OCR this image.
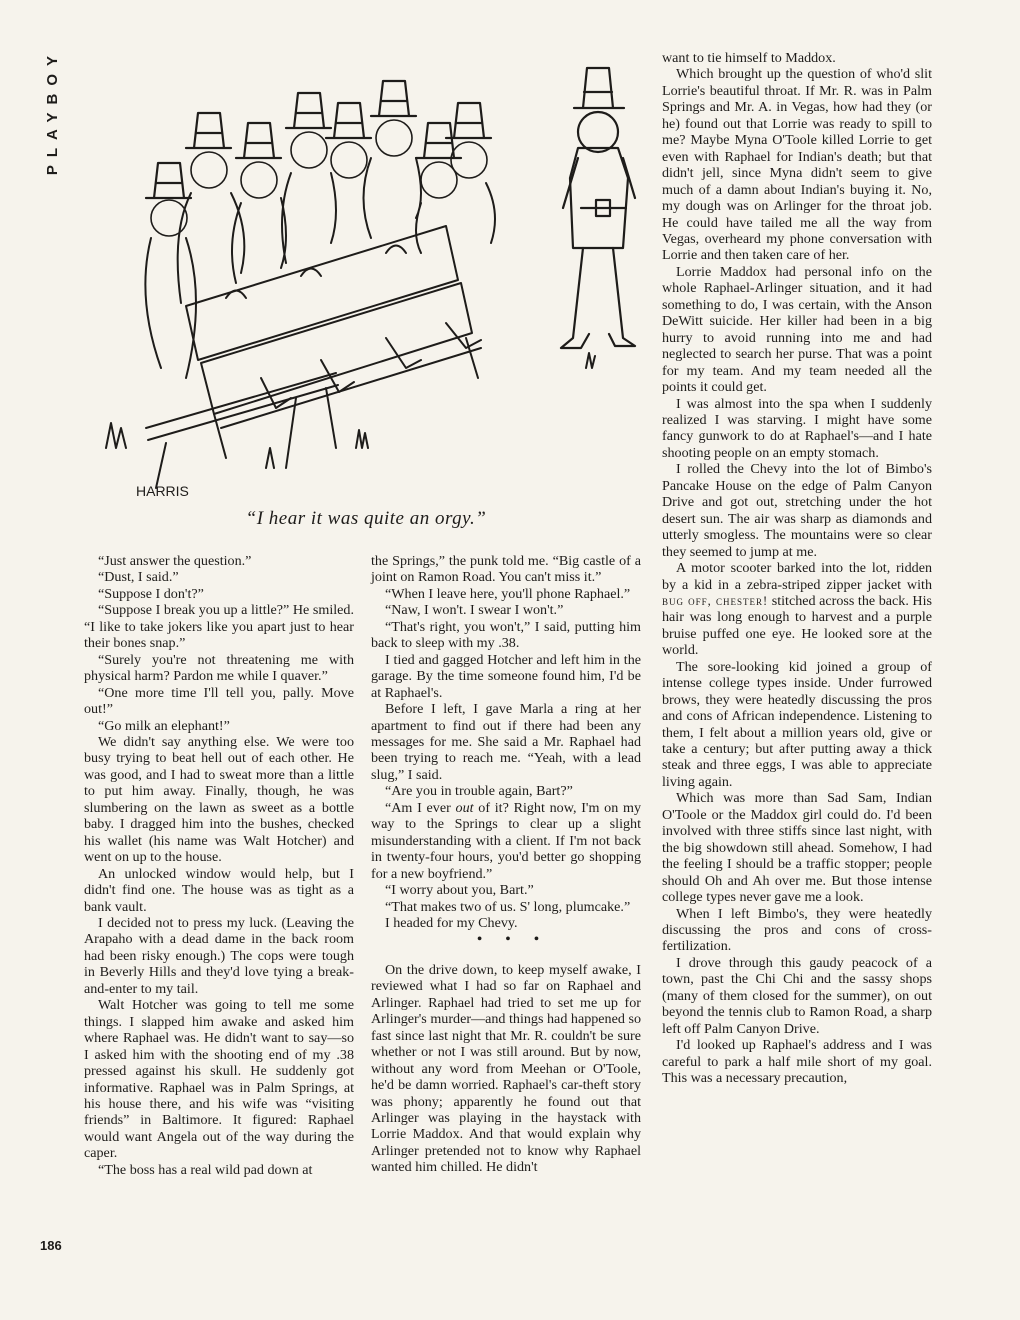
PLAYBOY
HARRIS
“I hear it was quite an orgy.”

“Just answer the question.”

“Dust, I said.”

“Suppose I don't?”

“Suppose I break you up a little?” He smiled. “I like to take jokers like you apart just to hear their bones snap.”

“Surely you're not threatening me with physical harm? Pardon me while I quaver.”

“One more time I'll tell you, pally. Move out!”

“Go milk an elephant!”

We didn't say anything else. We were too busy trying to beat hell out of each other. He was good, and I had to sweat more than a little to put him away. Finally, though, he was slumbering on the lawn as sweet as a bottle baby. I dragged him into the bushes, checked his wallet (his name was Walt Hotcher) and went on up to the house.

An unlocked window would help, but I didn't find one. The house was as tight as a bank vault.

I decided not to press my luck. (Leaving the Arapaho with a dead dame in the back room had been risky enough.) The cops were tough in Beverly Hills and they'd love tying a break-and-enter to my tail.

Walt Hotcher was going to tell me some things. I slapped him awake and asked him where Raphael was. He didn't want to say—so I asked him with the shooting end of my .38 pressed against his skull. He suddenly got informative. Raphael was in Palm Springs, at his house there, and his wife was “visiting friends” in Baltimore. It figured: Raphael would want Angela out of the way during the caper.

“The boss has a real wild pad down at

the Springs,” the punk told me. “Big castle of a joint on Ramon Road. You can't miss it.”

“When I leave here, you'll phone Raphael.”

“Naw, I won't. I swear I won't.”

“That's right, you won't,” I said, putting him back to sleep with my .38.

I tied and gagged Hotcher and left him in the garage. By the time someone found him, I'd be at Raphael's.

Before I left, I gave Marla a ring at her apartment to find out if there had been any messages for me. She said a Mr. Raphael had been trying to reach me. “Yeah, with a lead slug,” I said.

“Are you in trouble again, Bart?”

“Am I ever out of it? Right now, I'm on my way to the Springs to clear up a slight misunderstanding with a client. If I'm not back in twenty-four hours, you'd better go shopping for a new boyfriend.”

“I worry about you, Bart.”

“That makes two of us. S' long, plumcake.”

I headed for my Chevy.

• • •

On the drive down, to keep myself awake, I reviewed what I had so far on Raphael and Arlinger. Raphael had tried to set me up for Arlinger's murder—and things had happened so fast since last night that Mr. R. couldn't be sure whether or not I was still around. But by now, without any word from Meehan or O'Toole, he'd be damn worried. Raphael's car-theft story was phony; apparently he found out that Arlinger was playing in the haystack with Lorrie Maddox. And that would explain why Arlinger pretended not to know why Raphael wanted him chilled. He didn't

want to tie himself to Maddox.

Which brought up the question of who'd slit Lorrie's beautiful throat. If Mr. R. was in Palm Springs and Mr. A. in Vegas, how had they (or he) found out that Lorrie was ready to spill to me? Maybe Myna O'Toole killed Lorrie to get even with Raphael for Indian's death; but that didn't jell, since Myna didn't seem to give much of a damn about Indian's buying it. No, my dough was on Arlinger for the throat job. He could have tailed me all the way from Vegas, overheard my phone conversation with Lorrie and then taken care of her.

Lorrie Maddox had personal info on the whole Raphael-Arlinger situation, and it had something to do, I was certain, with the Anson DeWitt suicide. Her killer had been in a big hurry to avoid running into me and had neglected to search her purse. That was a point for my team. And my team needed all the points it could get.

I was almost into the spa when I suddenly realized I was starving. I might have some fancy gunwork to do at Raphael's—and I hate shooting people on an empty stomach.

I rolled the Chevy into the lot of Bimbo's Pancake House on the edge of Palm Canyon Drive and got out, stretching under the hot desert sun. The air was sharp as diamonds and utterly smogless. The mountains were so clear they seemed to jump at me.

A motor scooter barked into the lot, ridden by a kid in a zebra-striped zipper jacket with bug off, chester! stitched across the back. His hair was long enough to harvest and a purple bruise puffed one eye. He looked sore at the world.

The sore-looking kid joined a group of intense college types inside. Under furrowed brows, they were heatedly discussing the pros and cons of African independence. Listening to them, I felt about a million years old, give or take a century; but after putting away a thick steak and three eggs, I was able to appreciate living again.

Which was more than Sad Sam, Indian O'Toole or the Maddox girl could do. I'd been involved with three stiffs since last night, with the big showdown still ahead. Somehow, I had the feeling I should be a traffic stopper; people should Oh and Ah over me. But those intense college types never gave me a look.

When I left Bimbo's, they were heatedly discussing the pros and cons of cross-fertilization.

I drove through this gaudy peacock of a town, past the Chi Chi and the sassy shops (many of them closed for the summer), on out beyond the tennis club to Ramon Road, a sharp left off Palm Canyon Drive.

I'd looked up Raphael's address and I was careful to park a half mile short of my goal. This was a necessary precaution,

186
